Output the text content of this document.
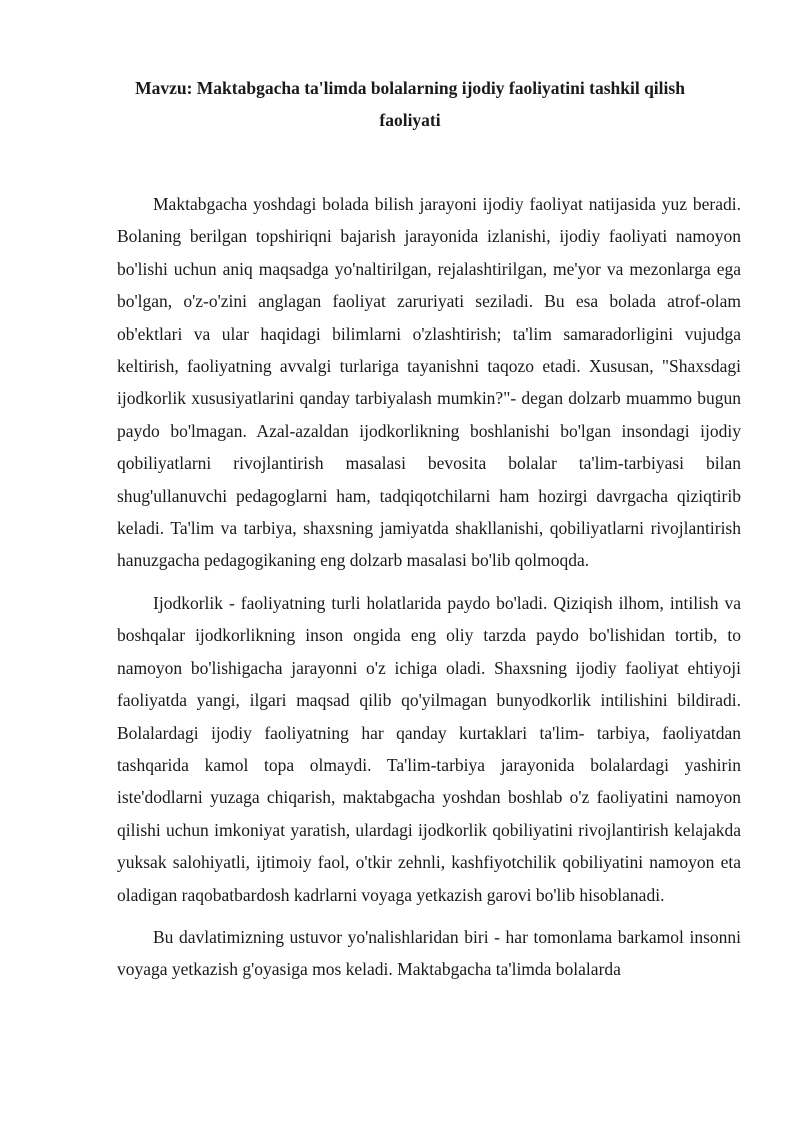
Mavzu: Maktabgacha ta'limda bolalarning ijodiy faoliyatini tashkil qilish faoliyati

Maktabgacha yoshdagi bolada bilish jarayoni ijodiy faoliyat natijasida yuz beradi. Bolaning berilgan topshiriqni bajarish jarayonida izlanishi, ijodiy faoliyati namoyon bo'lishi uchun aniq maqsadga yo'naltirilgan, rejalashtirilgan, me'yor va mezonlarga ega bo'lgan, o'z-o'zini anglagan faoliyat zaruriyati seziladi. Bu esa bolada atrof-olam ob'ektlari va ular haqidagi bilimlarni o'zlashtirish; ta'lim samaradorligini vujudga keltirish, faoliyatning avvalgi turlariga tayanishni taqozo etadi. Xususan, "Shaxsdagi ijodkorlik xususiyatlarini qanday tarbiyalash mumkin?"- degan dolzarb muammo bugun paydo bo'lmagan. Azal-azaldan ijodkorlikning boshlanishi bo'lgan insondagi ijodiy qobiliyatlarni rivojlantirish masalasi bevosita bolalar ta'lim-tarbiyasi bilan shug'ullanuvchi pedagoglarni ham, tadqiqotchilarni ham hozirgi davrgacha qiziqtirib keladi. Ta'lim va tarbiya, shaxsning jamiyatda shakllanishi, qobiliyatlarni rivojlantirish hanuzgacha pedagogikaning eng dolzarb masalasi bo'lib qolmoqda.

Ijodkorlik - faoliyatning turli holatlarida paydo bo'ladi. Qiziqish ilhom, intilish va boshqalar ijodkorlikning inson ongida eng oliy tarzda paydo bo'lishidan tortib, to namoyon bo'lishigacha jarayonni o'z ichiga oladi. Shaxsning ijodiy faoliyat ehtiyoji faoliyatda yangi, ilgari maqsad qilib qo'yilmagan bunyodkorlik intilishini bildiradi. Bolalardagi ijodiy faoliyatning har qanday kurtaklari ta'lim- tarbiya, faoliyatdan tashqarida kamol topa olmaydi. Ta'lim-tarbiya jarayonida bolalardagi yashirin iste'dodlarni yuzaga chiqarish, maktabgacha yoshdan boshlab o'z faoliyatini namoyon qilishi uchun imkoniyat yaratish, ulardagi ijodkorlik qobiliyatini rivojlantirish kelajakda yuksak salohiyatli, ijtimoiy faol, o'tkir zehnli, kashfiyotchilik qobiliyatini namoyon eta oladigan raqobatbardosh kadrlarni voyaga yetkazish garovi bo'lib hisoblanadi.

Bu davlatimizning ustuvor yo'nalishlaridan biri - har tomonlama barkamol insonni voyaga yetkazish g'oyasiga mos keladi. Maktabgacha ta'limda bolalarda
